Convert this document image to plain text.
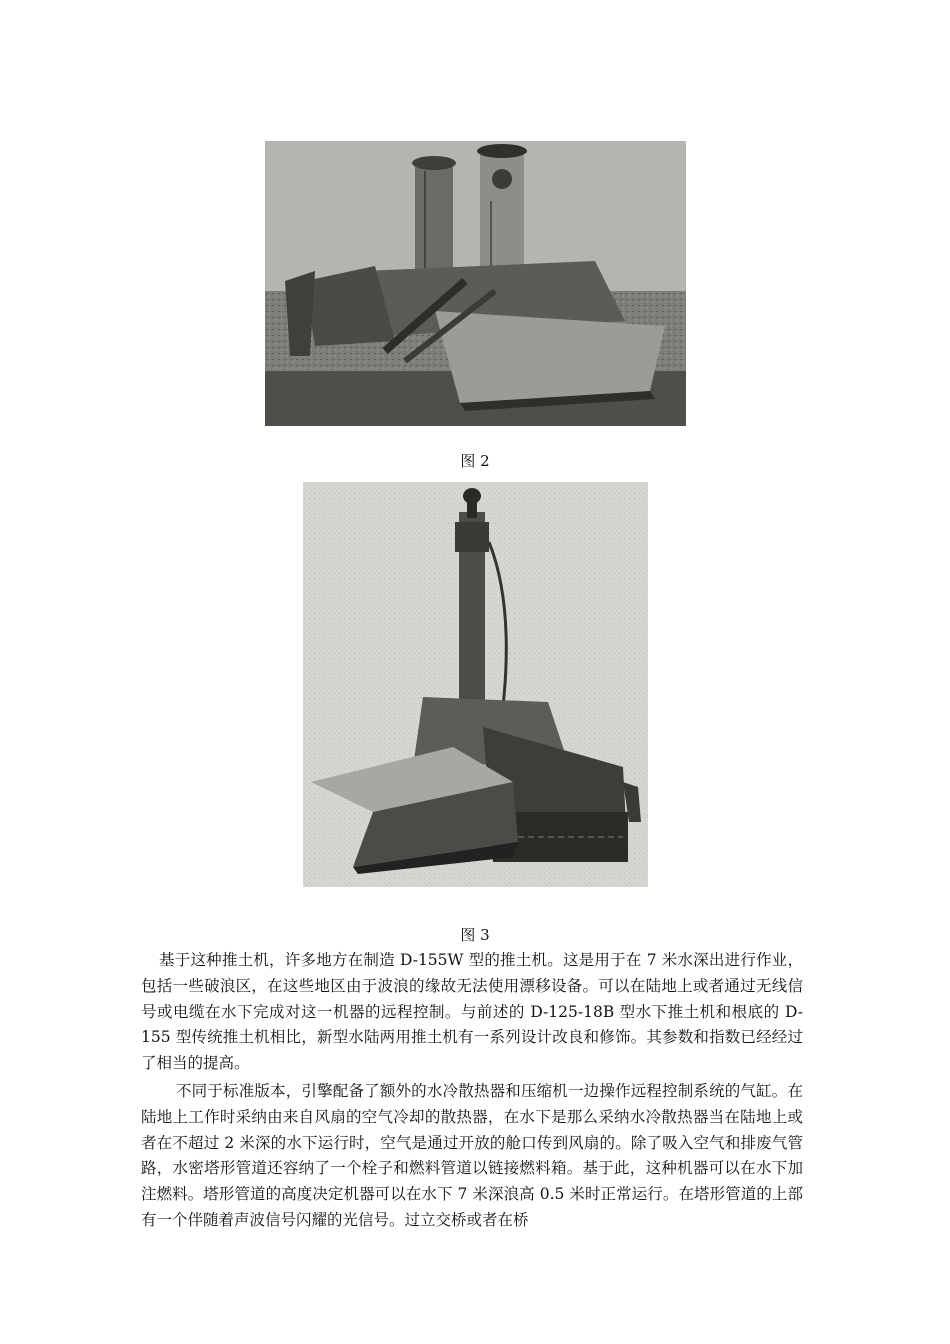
图 2
图 3

基于这种推土机，许多地方在制造 D-155W 型的推土机。这是用于在 7 米水深出进行作业，包括一些破浪区，在这些地区由于波浪的缘故无法使用漂移设备。可以在陆地上或者通过无线信号或电缆在水下完成对这一机器的远程控制。与前述的 D-125-18B 型水下推土机和根底的 D-155 型传统推土机相比，新型水陆两用推土机有一系列设计改良和修饰。其参数和指数已经经过了相当的提高。

不同于标准版本，引擎配备了额外的水冷散热器和压缩机一边操作远程控制系统的气缸。在陆地上工作时采纳由来自风扇的空气冷却的散热器，在水下是那么采纳水冷散热器当在陆地上或者在不超过 2 米深的水下运行时，空气是通过开放的舱口传到风扇的。除了吸入空气和排废气管路，水密塔形管道还容纳了一个栓子和燃料管道以链接燃料箱。基于此，这种机器可以在水下加注燃料。塔形管道的高度决定机器可以在水下 7 米深浪高 0.5 米时正常运行。在塔形管道的上部有一个伴随着声波信号闪耀的光信号。过立交桥或者在桥
